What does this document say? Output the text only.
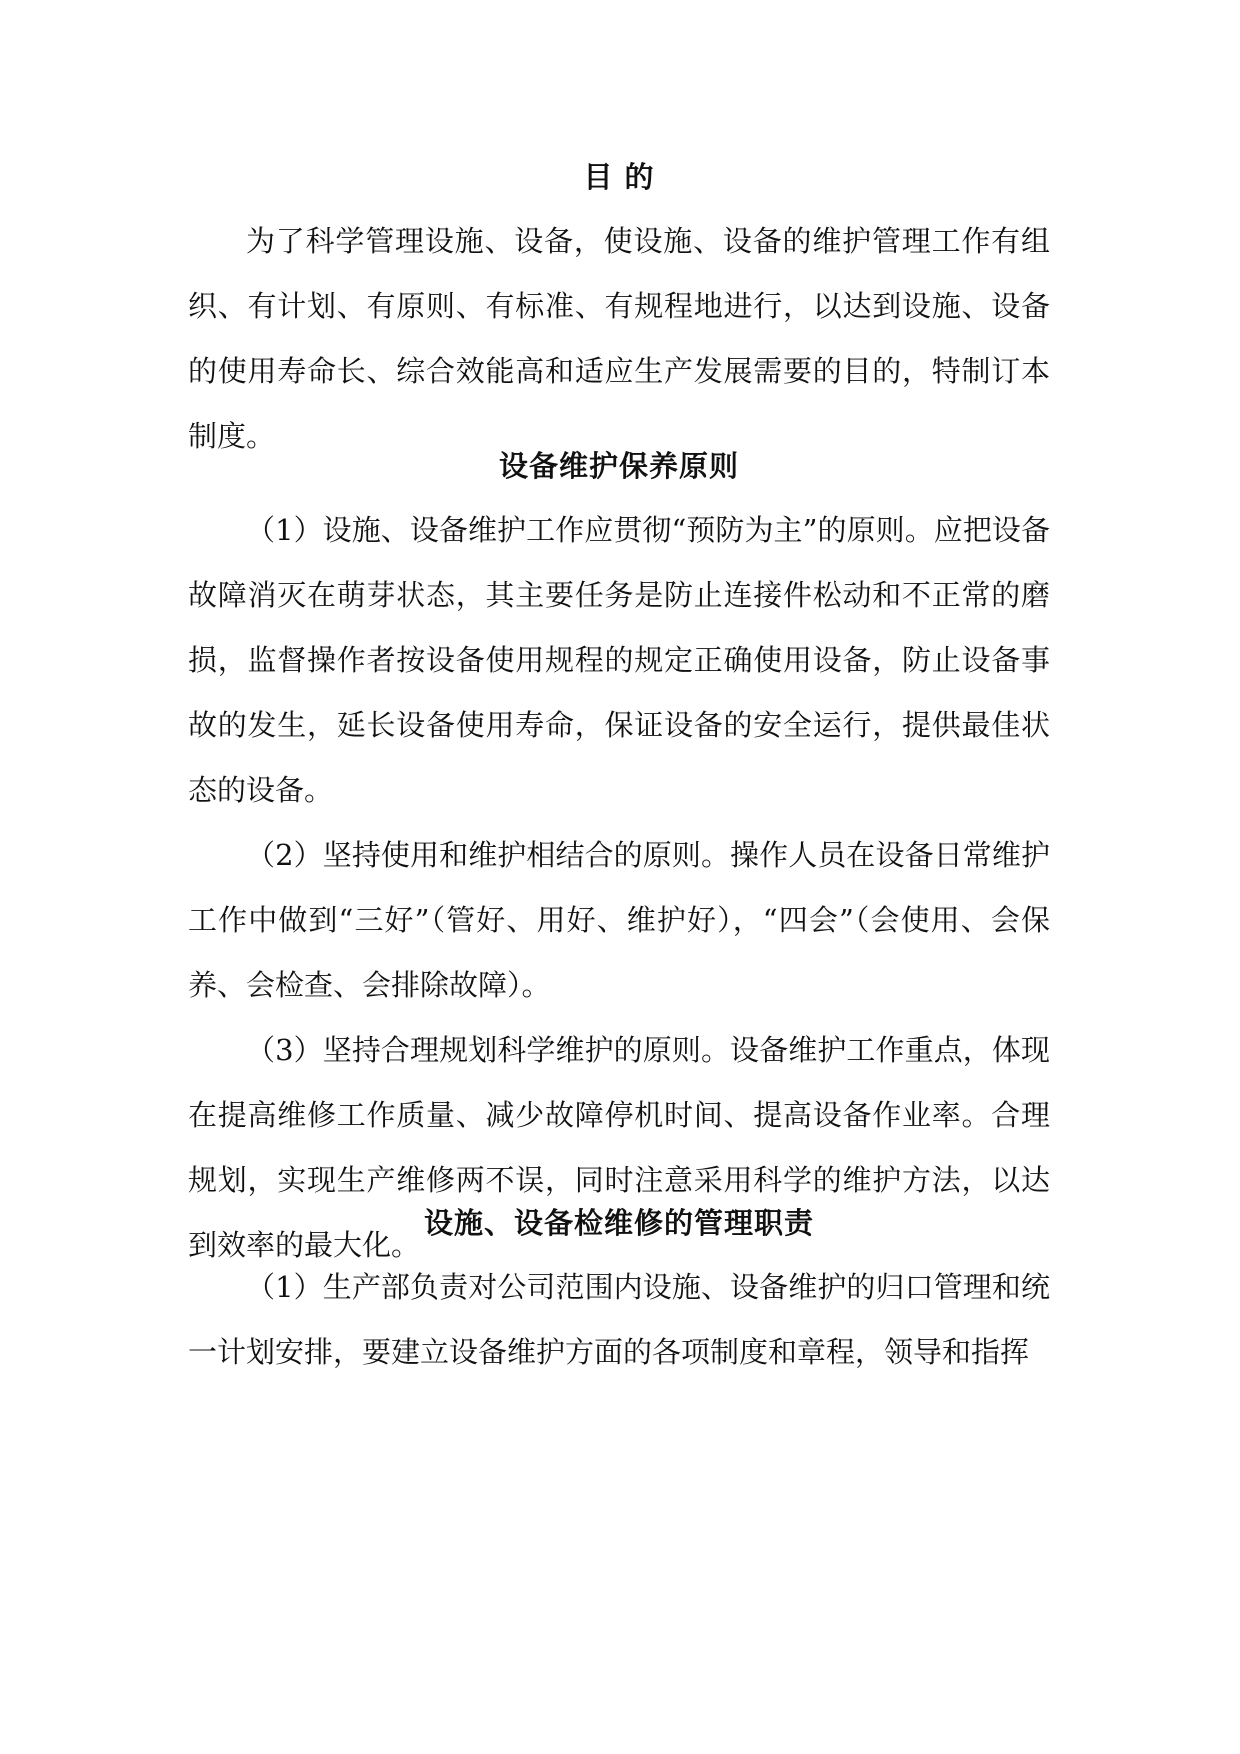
目 的

为了科学管理设施、设备，使设施、设备的维护管理工作有组织、有计划、有原则、有标准、有规程地进行，以达到设施、设备的使用寿命长、综合效能高和适应生产发展需要的目的，特制订本制度。

设备维护保养原则

（1）设施、设备维护工作应贯彻“预防为主”的原则。应把设备故障消灭在萌芽状态，其主要任务是防止连接件松动和不正常的磨损，监督操作者按设备使用规程的规定正确使用设备，防止设备事故的发生，延长设备使用寿命，保证设备的安全运行，提供最佳状态的设备。

（2）坚持使用和维护相结合的原则。操作人员在设备日常维护工作中做到“三好”（管好、用好、维护好），“四会”（会使用、会保养、会检查、会排除故障）。

（3）坚持合理规划科学维护的原则。设备维护工作重点，体现在提高维修工作质量、减少故障停机时间、提高设备作业率。合理规划，实现生产维修两不误，同时注意采用科学的维护方法，以达到效率的最大化。

设施、设备检维修的管理职责

（1）生产部负责对公司范围内设施、设备维护的归口管理和统一计划安排，要建立设备维护方面的各项制度和章程，领导和指挥
